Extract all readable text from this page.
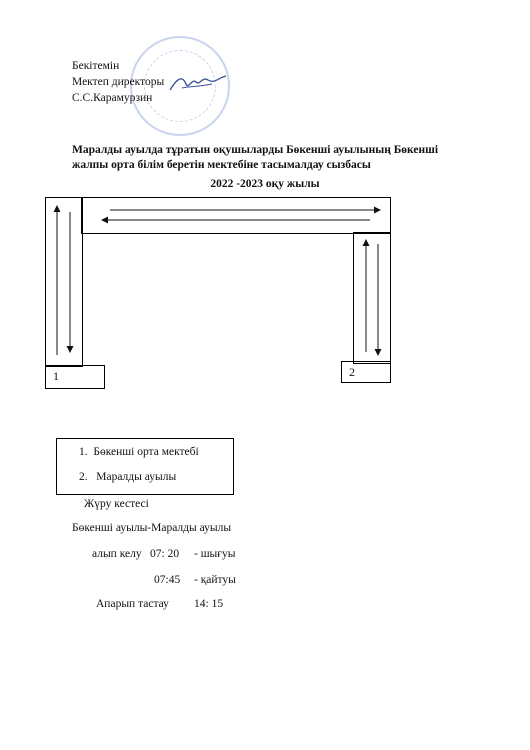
Бекітемін
Мектеп директоры
С.С.Карамурзин
Маралды ауылда тұратын оқушыларды Бөкенші ауылының Бөкенші
жалпы орта білім беретін мектебіне тасымалдау сызбасы
2022 -2023 оқу жылы
1	2
1. Бөкенші орта мектебі
2. Маралды ауылы
Жүру кестесі
Бөкенші ауылы-Маралды ауылы
алып келу 07: 20 - шығуы
07:45 - қайтуы
Апарып тастау 14: 15
